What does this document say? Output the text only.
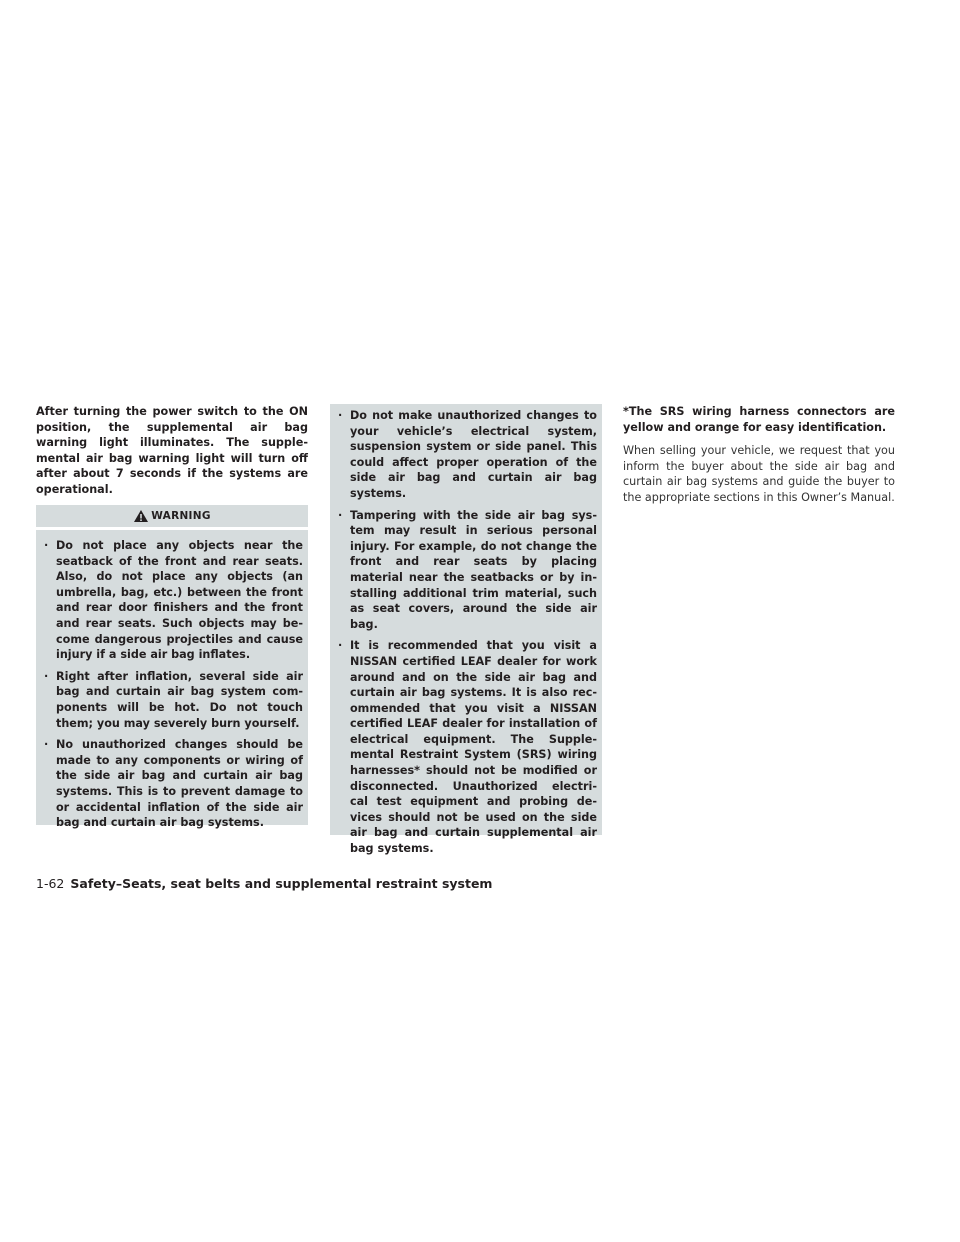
After turning the power switch to the ON position, the supplemental air bag warning light illuminates. The supple- mental air bag warning light will turn off after about 7 seconds if the systems are operational.

WARNING
· Do not place any objects near the seatback of the front and rear seats. Also, do not place any objects (an umbrella, bag, etc.) between the front and rear door finishers and the front and rear seats. Such objects may be- come dangerous projectiles and cause injury if a side air bag inflates.
· Right after inflation, several side air bag and curtain air bag system com- ponents will be hot. Do not touch them; you may severely burn yourself.
· No unauthorized changes should be made to any components or wiring of the side air bag and curtain air bag systems. This is to prevent damage to or accidental inflation of the side air bag and curtain air bag systems.
· Do not make unauthorized changes to your vehicle’s electrical system, suspension system or side panel. This could affect proper operation of the side air bag and curtain air bag systems.
· Tampering with the side air bag sys- tem may result in serious personal injury. For example, do not change the front and rear seats by placing material near the seatbacks or by in- stalling additional trim material, such as seat covers, around the side air bag.
· It is recommended that you visit a NISSAN certified LEAF dealer for work around and on the side air bag and curtain air bag systems. It is also rec- ommended that you visit a NISSAN certified LEAF dealer for installation of electrical equipment. The Supple- mental Restraint System (SRS) wiring harnesses* should not be modified or disconnected. Unauthorized electri- cal test equipment and probing de- vices should not be used on the side air bag and curtain supplemental air bag systems.

*The SRS wiring harness connectors are yellow and orange for easy identification.

When selling your vehicle, we request that you inform the buyer about the side air bag and curtain air bag systems and guide the buyer to the appropriate sections in this Owner’s Manual.

1-62 Safety–Seats, seat belts and supplemental restraint system
